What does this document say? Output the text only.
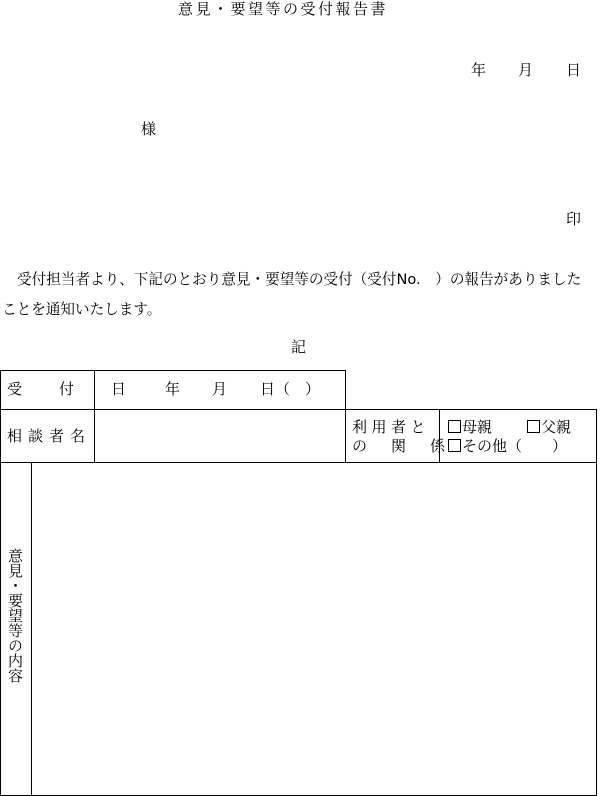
意見・要望等の受付報告書
年 月 日
様
印
受付担当者より、下記のとおり意見・要望等の受付（受付No.　）の報告がありました
ことを通知いたします。
記
受　付　日 年 月 日（　）
相談者名	利用者と
の　関　係
母親	父親
その他（　　）
意見・要望等の内容
